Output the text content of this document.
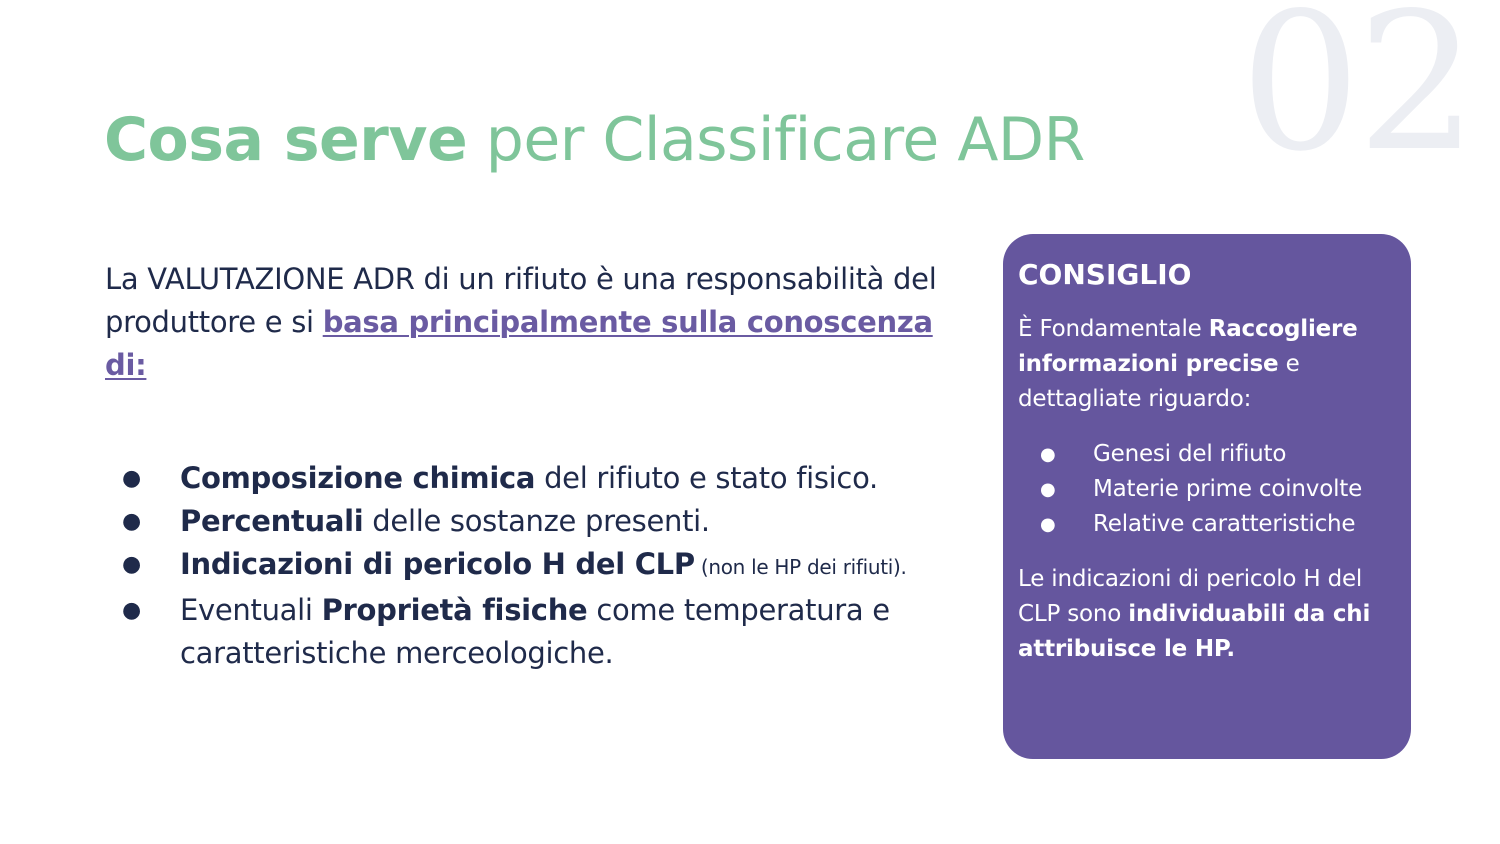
02
Cosa serve per Classificare ADR

La VALUTAZIONE ADR di un rifiuto è una responsabilità del produttore e si basa principalmente sulla conoscenza di:

● Composizione chimica del rifiuto e stato fisico.
● Percentuali delle sostanze presenti.
● Indicazioni di pericolo H del CLP (non le HP dei rifiuti).
● Eventuali Proprietà fisiche come temperatura e caratteristiche merceologiche.
CONSIGLIO

È Fondamentale Raccogliere informazioni precise e dettagliate riguardo:

● Genesi del rifiuto
● Materie prime coinvolte
● Relative caratteristiche

Le indicazioni di pericolo H del CLP sono individuabili da chi attribuisce le HP.
